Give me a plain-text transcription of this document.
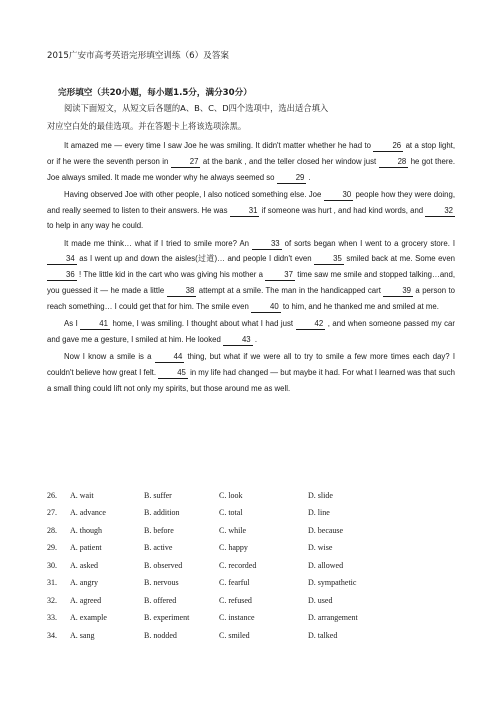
2015广安市高考英语完形填空训练（6）及答案
完形填空（共20小题，每小题1.5分，满分30分）
阅读下面短文，从短文后各题的A、B、C、D四个选项中，选出适合填入
对应空白处的最佳选项。并在答题卡上将该选项涂黑。

It amazed me — every time I saw Joe he was smiling. It didn't matter whether he had to 26 at a stop light, or if he were the seventh person in 27 at the bank , and the teller closed her window just 28 he got there. Joe always smiled. It made me wonder why he always seemed so 29 .

Having observed Joe with other people, I also noticed something else. Joe 30 people how they were doing, and really seemed to listen to their answers. He was 31 if someone was hurt , and had kind words, and 32 to help in any way he could.

It made me think… what if I tried to smile more? An 33 of sorts began when I went to a grocery store. I 34 as I went up and down the aisles(过道)… and people I didn't even 35 smiled back at me. Some even 36 ! The little kid in the cart who was giving his mother a 37 time saw me smile and stopped talking…and, you guessed it — he made a little 38 attempt at a smile. The man in the handicapped cart 39 a person to reach something… I could get that for him. The smile even 40 to him, and he thanked me and smiled at me.

As I 41 home, I was smiling. I thought about what I had just 42 , and when someone passed my car and gave me a gesture, I smiled at him. He looked 43 .

Now I know a smile is a 44 thing, but what if we were all to try to smile a few more times each day? I couldn't believe how great I felt. 45 in my life had changed — but maybe it had. For what I learned was that such a small thing could lift not only my spirits, but those around me as well.

26. A. wait	B. suffer	C. look	D. slide
27. A. advance	B. addition	C. total	D. line
28. A. though	B. before	C. while	D. because
29. A. patient	B. active	C. happy	D. wise
30. A. asked	B. observed	C. recorded	D. allowed
31. A. angry	B. nervous	C. fearful	D. sympathetic
32. A. agreed	B. offered	C. refused	D. used
33. A. example	B. experiment	C. instance	D. arrangement
34. A. sang	B. nodded	C. smiled	D. talked
